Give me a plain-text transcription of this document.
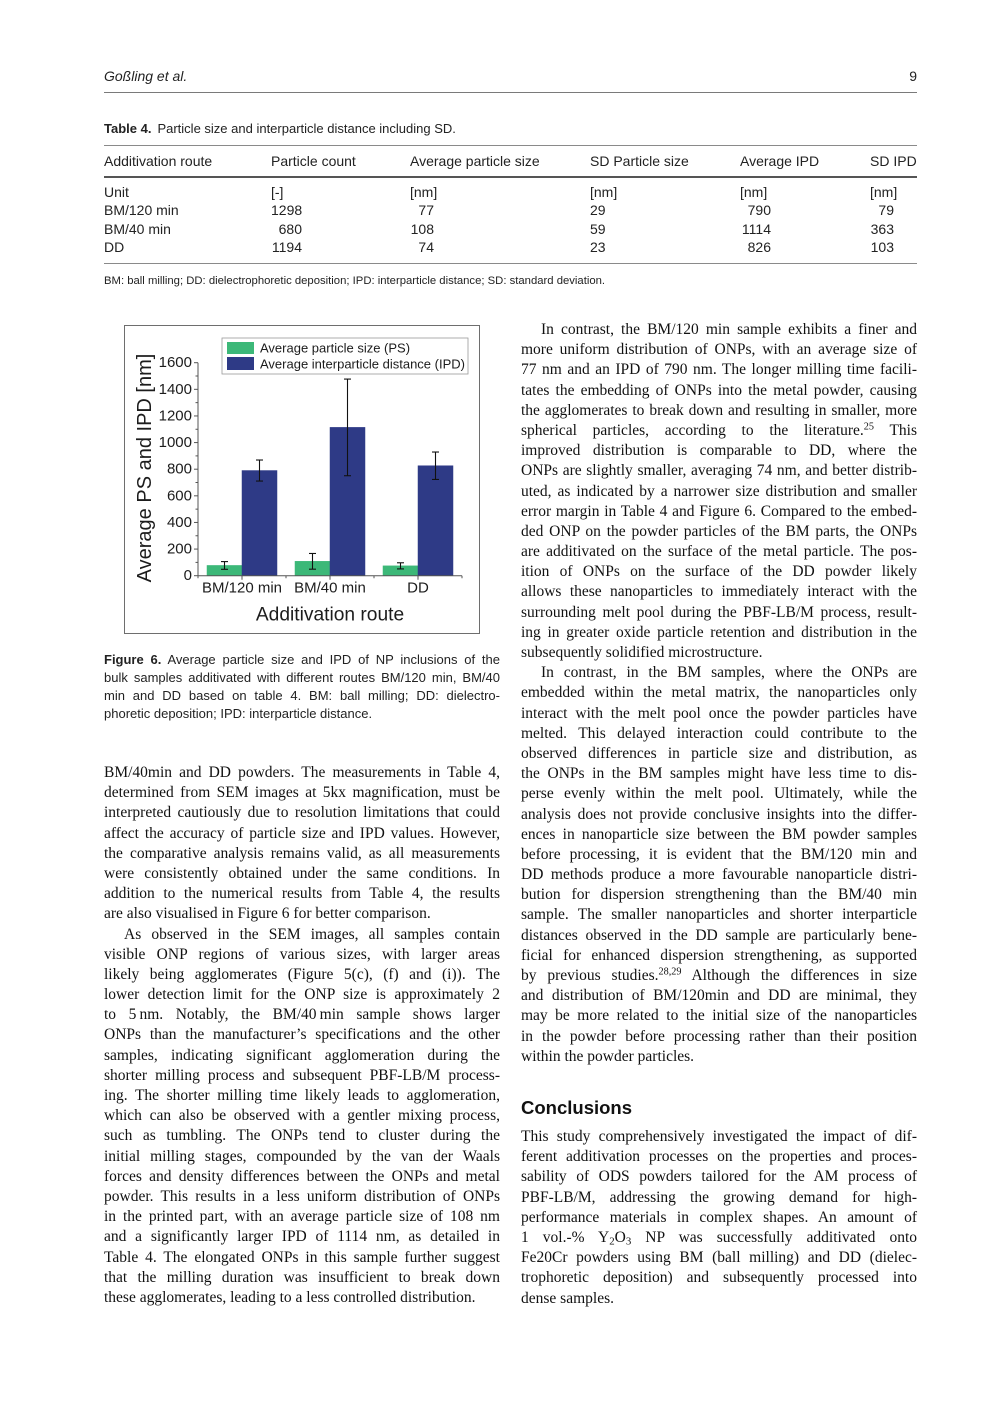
Goßling et al.	9
Table 4. Particle size and interparticle distance including SD.
Additivation route	Particle count	Average particle size	SD Particle size	Average IPD	SD IPD
Unit	[-]	[nm]	[nm]	[nm]	[nm]
BM/120 min	1298	77	29	790	79
BM/40 min	680	108	59	1114	363
DD	1194	74	23	826	103
BM: ball milling; DD: dielectrophoretic deposition; IPD: interparticle distance; SD: standard deviation.
0
200
400
600
800
1000
1200
1400
1600
BM/120 min BM/40 min	DD
Average PS and IPD [nm]
Additivation route
Average particle size (PS)
Average interparticle distance (IPD)
Figure 6. Average particle size and IPD of NP inclusions of the
bulk samples additivated with different routes BM/120 min, BM/40
min and DD based on table 4. BM: ball milling; DD: dielectro-
phoretic deposition; IPD: interparticle distance.
BM/40min and DD powders. The measurements in Table 4,
determined from SEM images at 5kx magnification, must be
interpreted cautiously due to resolution limitations that could
affect the accuracy of particle size and IPD values. However,
the comparative analysis remains valid, as all measurements
were consistently obtained under the same conditions. In
addition to the numerical results from Table 4, the results
are also visualised in Figure 6 for better comparison.
As observed in the SEM images, all samples contain
visible ONP regions of various sizes, with larger areas
likely being agglomerates (Figure 5(c), (f) and (i)). The
lower detection limit for the ONP size is approximately 2
to 5 nm. Notably, the BM/40 min sample shows larger
ONPs than the manufacturer’s specifications and the other
samples, indicating significant agglomeration during the
shorter milling process and subsequent PBF-LB/M process-
ing. The shorter milling time likely leads to agglomeration,
which can also be observed with a gentler mixing process,
such as tumbling. The ONPs tend to cluster during the
initial milling stages, compounded by the van der Waals
forces and density differences between the ONPs and metal
powder. This results in a less uniform distribution of ONPs
in the printed part, with an average particle size of 108 nm
and a significantly larger IPD of 1114 nm, as detailed in
Table 4. The elongated ONPs in this sample further suggest
that the milling duration was insufficient to break down
these agglomerates, leading to a less controlled distribution.
In contrast, the BM/120 min sample exhibits a finer and
more uniform distribution of ONPs, with an average size of
77 nm and an IPD of 790 nm. The longer milling time facili-
tates the embedding of ONPs into the metal powder, causing
the agglomerates to break down and resulting in smaller, more
spherical particles, according to the literature.$^{25}$ This
improved distribution is comparable to DD, where the
ONPs are slightly smaller, averaging 74 nm, and better distrib-
uted, as indicated by a narrower size distribution and smaller
error margin in Table 4 and Figure 6. Compared to the embed-
ded ONP on the powder particles of the BM parts, the ONPs
are additivated on the surface of the metal particle. The pos-
ition of ONPs on the surface of the DD powder likely
allows these nanoparticles to immediately interact with the
surrounding melt pool during the PBF-LB/M process, result-
ing in greater oxide particle retention and distribution in the
subsequently solidified microstructure.
In contrast, in the BM samples, where the ONPs are
embedded within the metal matrix, the nanoparticles only
interact with the melt pool once the powder particles have
melted. This delayed interaction could contribute to the
observed differences in particle size and distribution, as
the ONPs in the BM samples might have less time to dis-
perse evenly within the melt pool. Ultimately, while the
analysis does not provide conclusive insights into the differ-
ences in nanoparticle size between the BM powder samples
before processing, it is evident that the BM/120 min and
DD methods produce a more favourable nanoparticle distri-
bution for dispersion strengthening than the BM/40 min
sample. The smaller nanoparticles and shorter interparticle
distances observed in the DD sample are particularly bene-
ficial for enhanced dispersion strengthening, as supported
by previous studies.$^{28,29}$ Although the differences in size
and distribution of BM/120min and DD are minimal, they
may be more related to the initial size of the nanoparticles
in the powder before processing rather than their position
within the powder particles.
Conclusions
This study comprehensively investigated the impact of dif-
ferent additivation processes on the properties and proces-
sability of ODS powders tailored for the AM process of
PBF-LB/M, addressing the growing demand for high-
performance materials in complex shapes. An amount of
1 vol.-% Y2O3 NP was successfully additivated onto
Fe20Cr powders using BM (ball milling) and DD (dielec-
trophoretic deposition) and subsequently processed into
dense samples.
